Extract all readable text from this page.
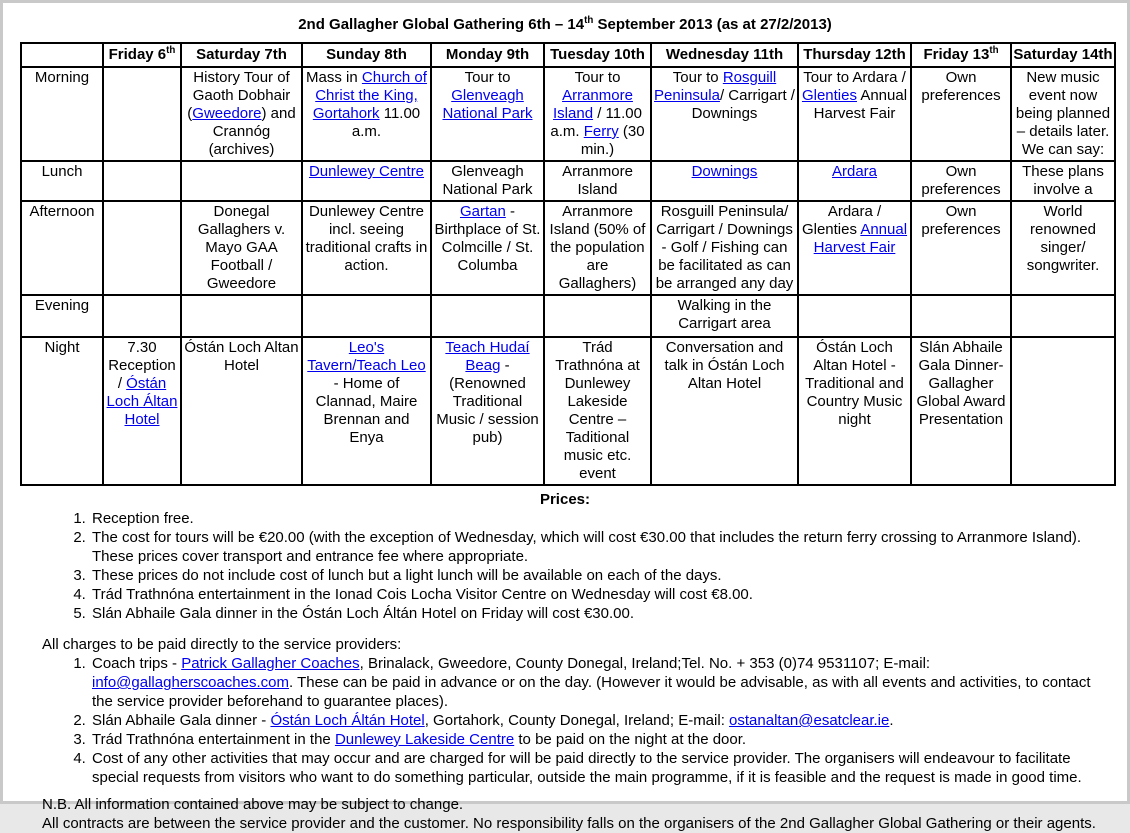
2nd Gallagher Global Gathering 6th – 14th September 2013 (as at 27/2/2013)
	Friday 6th	Saturday 7th	Sunday 8th	Monday 9th	Tuesday 10th	Wednesday 11th	Thursday 12th	Friday 13th	Saturday 14th
Morning		History Tour of Gaoth Dobhair (Gweedore) and Crannóg (archives)	Mass in Church of Christ the King, Gortahork 11.00 a.m.	Tour to Glenveagh National Park	Tour to Arranmore Island / 11.00 a.m. Ferry (30 min.)	Tour to Rosguill Peninsula/ Carrigart / Downings	Tour to Ardara / Glenties Annual Harvest Fair	Own preferences	New music event now being planned – details later. We can say:
Lunch			Dunlewey Centre	Glenveagh National Park	Arranmore Island	Downings	Ardara	Own preferences	These plans involve a
Afternoon		Donegal Gallaghers v. Mayo GAA Football / Gweedore	Dunlewey Centre incl. seeing traditional crafts in action.	Gartan - Birthplace of St. Colmcille / St. Columba	Arranmore Island (50% of the population are Gallaghers)	Rosguill Peninsula/ Carrigart / Downings - Golf / Fishing can be facilitated as can be arranged any day	Ardara / Glenties Annual Harvest Fair	Own preferences	World renowned singer/ songwriter.
Evening						Walking in the Carrigart area			
Night	7.30 Reception / Óstán Loch Áltan Hotel	Óstán Loch Altan Hotel	Leo's Tavern/Teach Leo - Home of Clannad, Maire Brennan and Enya	Teach Hudaí Beag - (Renowned Traditional Music / session pub)	Trád Trathnóna at Dunlewey Lakeside Centre – Taditional music etc. event	Conversation and talk in Óstán Loch Altan Hotel	Óstán Loch Altan Hotel -Traditional and Country Music night	Slán Abhaile Gala Dinner- Gallagher Global Award Presentation	
Prices:
1. Reception free.
2. The cost for tours will be €20.00 (with the exception of Wednesday, which will cost €30.00 that includes the return ferry crossing to Arranmore Island). These prices cover transport and entrance fee where appropriate.
3. These prices do not include cost of lunch but a light lunch will be available on each of the days.
4. Trád Trathnóna entertainment in the Ionad Cois Locha Visitor Centre on Wednesday will cost €8.00.
5. Slán Abhaile Gala dinner in the Óstán Loch Áltán Hotel on Friday will cost €30.00.
All charges to be paid directly to the service providers:
1. Coach trips - Patrick Gallagher Coaches, Brinalack, Gweedore, County Donegal, Ireland;Tel. No. + 353 (0)74 9531107; E-mail: info@gallagherscoaches.com. These can be paid in advance or on the day. (However it would be advisable, as with all events and activities, to contact the service provider beforehand to guarantee places).
2. Slán Abhaile Gala dinner - Óstán Loch Áltán Hotel, Gortahork, County Donegal, Ireland; E-mail: ostanaltan@esatclear.ie.
3. Trád Trathnóna entertainment in the Dunlewey Lakeside Centre to be paid on the night at the door.
4. Cost of any other activities that may occur and are charged for will be paid directly to the service provider. The organisers will endeavour to facilitate special requests from visitors who want to do something particular, outside the main programme, if it is feasible and the request is made in good time.
N.B. All information contained above may be subject to change.
All contracts are between the service provider and the customer. No responsibility falls on the organisers of the 2nd Gallagher Global Gathering or their agents.
